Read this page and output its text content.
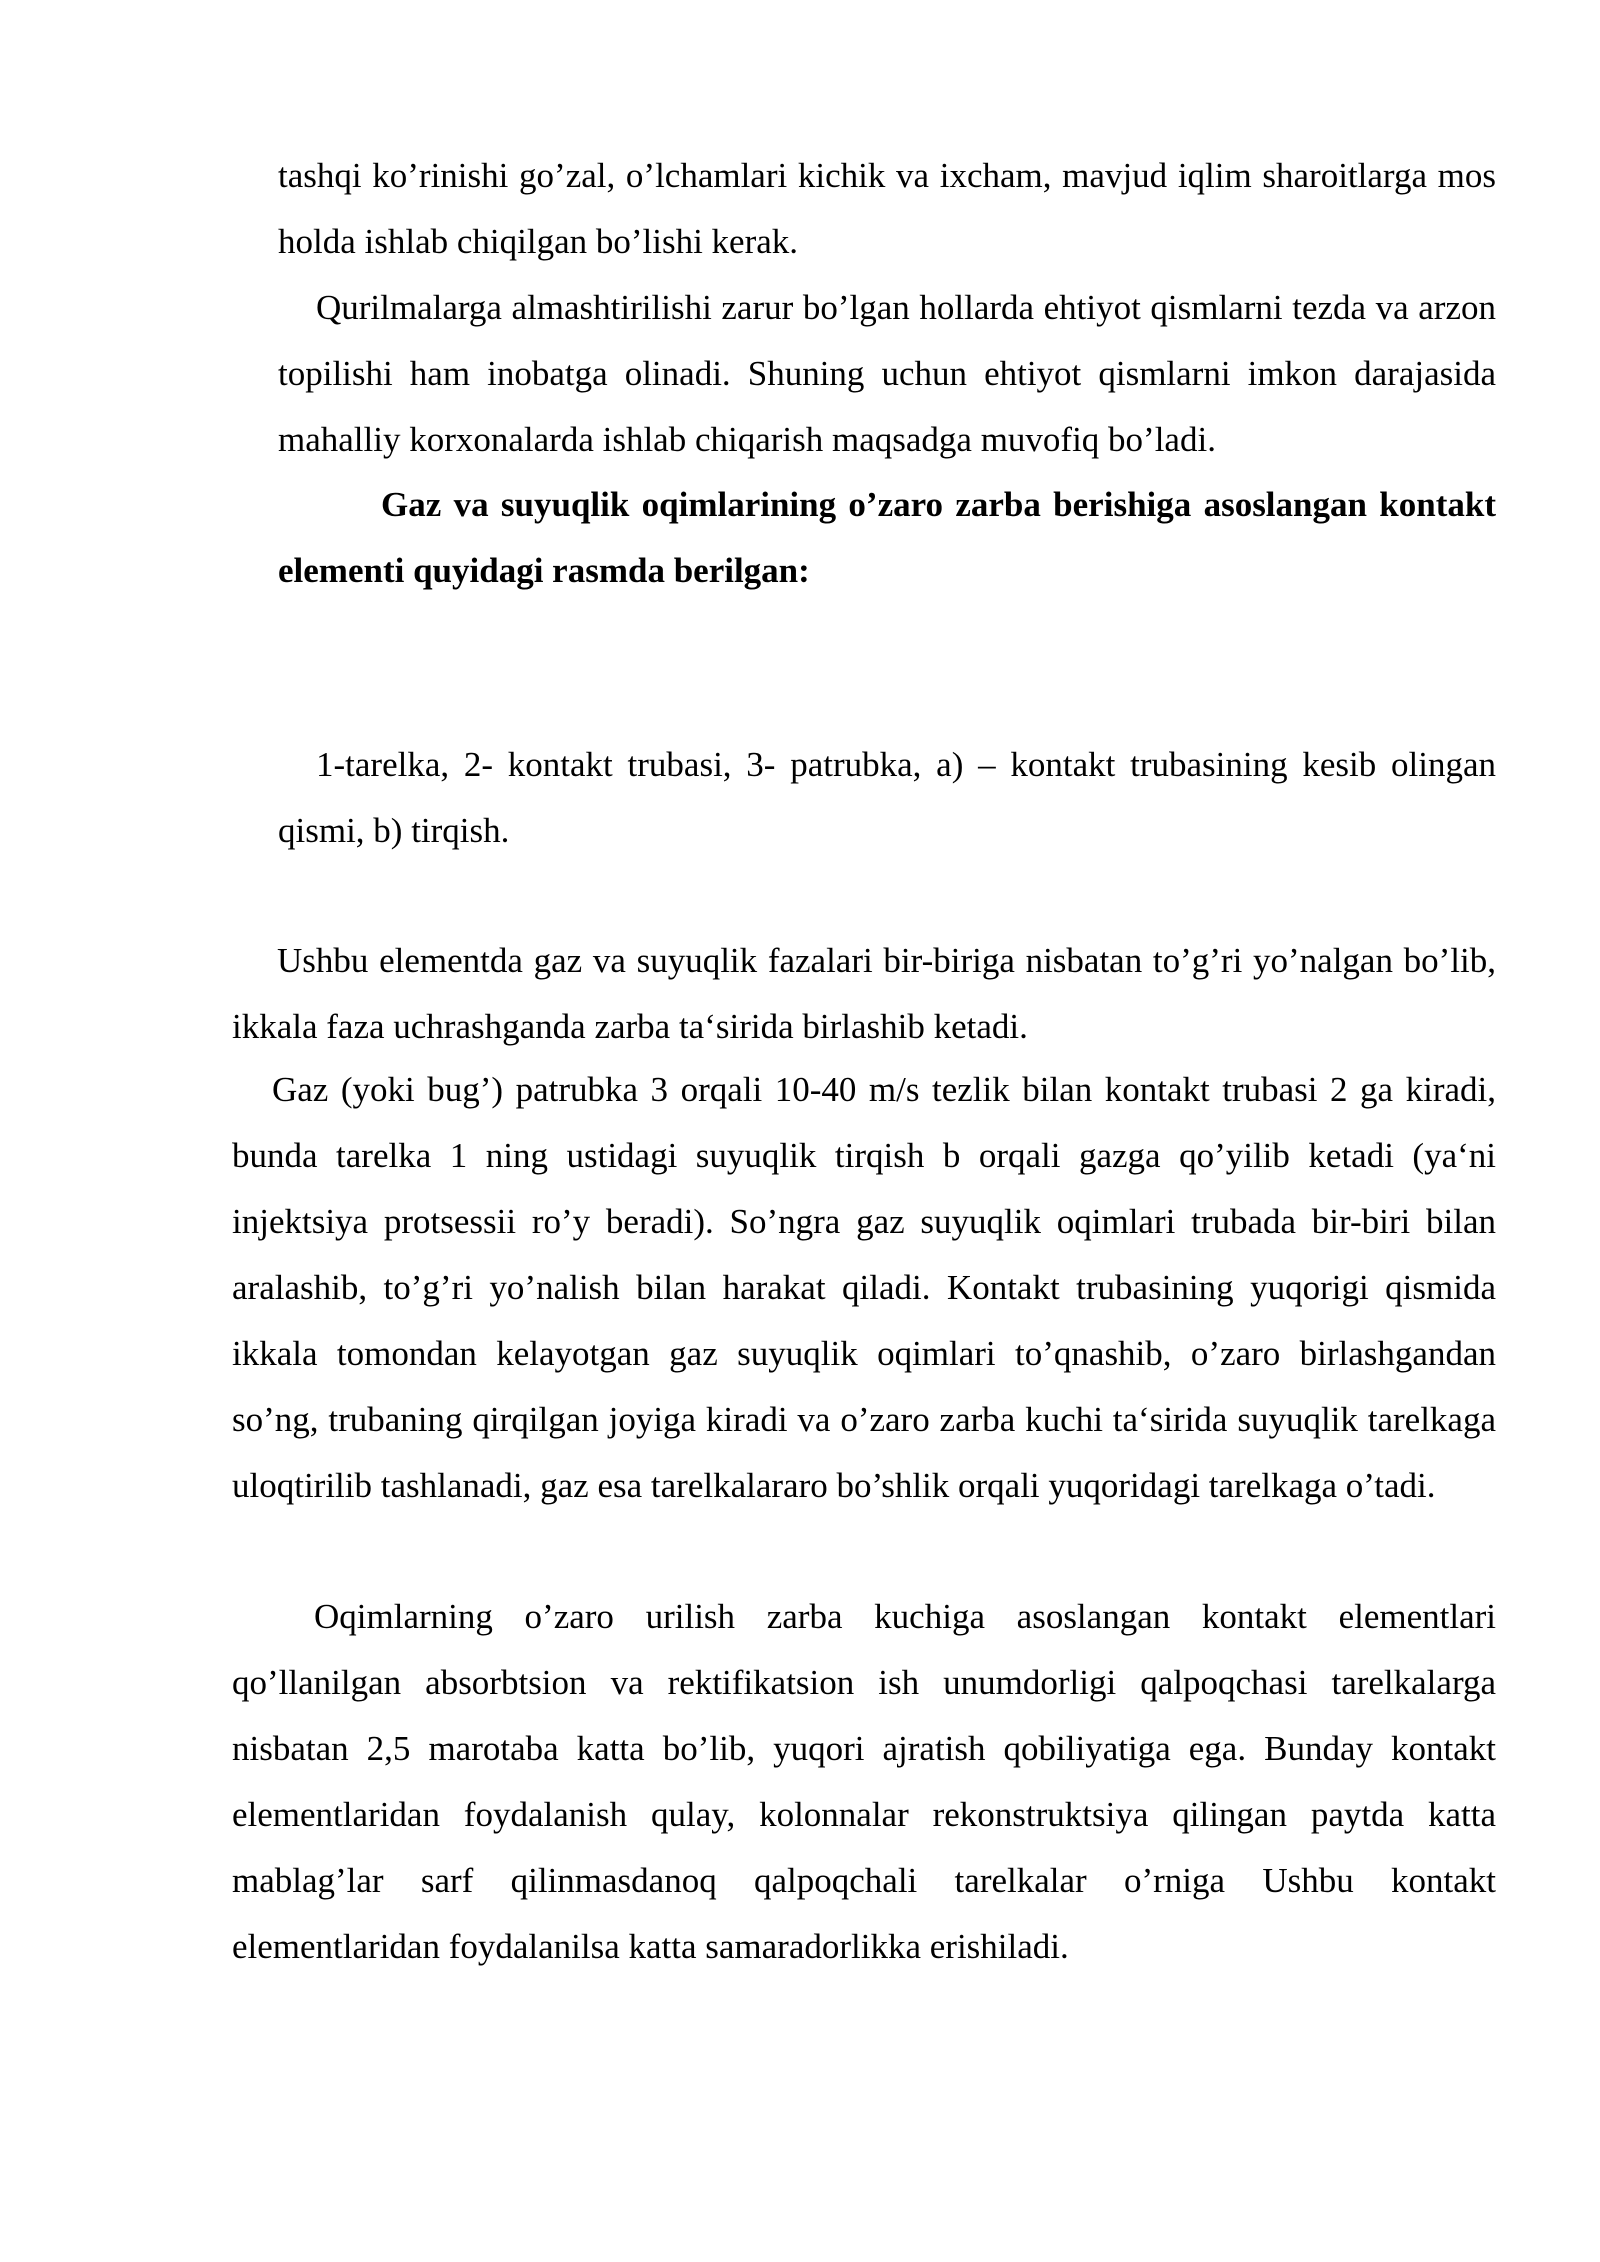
tashqi ko’rinishi go’zal, o’lchamlari kichik va ixcham, mavjud iqlim sharoitlarga mos holda ishlab chiqilgan bo’lishi kerak.

Qurilmalarga almashtirilishi zarur bo’lgan hollarda ehtiyot qismlarni tezda va arzon topilishi ham inobatga olinadi. Shuning uchun ehtiyot qismlarni imkon darajasida mahalliy korxonalarda ishlab chiqarish maqsadga muvofiq bo’ladi.

Gaz va suyuqlik oqimlarining o’zaro zarba berishiga asoslangan kontakt elementi quyidagi rasmda berilgan:

1-tarelka, 2- kontakt trubasi, 3- patrubka, a) – kontakt trubasining kesib olingan qismi, b) tirqish.

Ushbu elementda gaz va suyuqlik fazalari bir-biriga nisbatan to’g’ri yo’nalgan bo’lib, ikkala faza uchrashganda zarba ta‘sirida birlashib ketadi.

Gaz (yoki bug’) patrubka 3 orqali 10-40 m/s tezlik bilan kontakt trubasi 2 ga kiradi, bunda tarelka 1 ning ustidagi suyuqlik tirqish b orqali gazga qo’yilib ketadi (ya‘ni injektsiya protsessii ro’y beradi). So’ngra gaz suyuqlik oqimlari trubada bir-biri bilan aralashib, to’g’ri yo’nalish bilan harakat qiladi. Kontakt trubasining yuqorigi qismida ikkala tomondan kelayotgan gaz suyuqlik oqimlari to’qnashib, o’zaro birlashgandan so’ng, trubaning qirqilgan joyiga kiradi va o’zaro zarba kuchi ta‘sirida suyuqlik tarelkaga uloqtirilib tashlanadi, gaz esa tarelkalararo bo’shlik orqali yuqoridagi tarelkaga o’tadi.

Oqimlarning o’zaro urilish zarba kuchiga asoslangan kontakt elementlari qo’llanilgan absorbtsion va rektifikatsion ish unumdorligi qalpoqchasi tarelkalarga nisbatan 2,5 marotaba katta bo’lib, yuqori ajratish qobiliyatiga ega. Bunday kontakt elementlaridan foydalanish qulay, kolonnalar rekonstruktsiya qilingan paytda katta mablag’lar sarf qilinmasdanoq qalpoqchali tarelkalar o’rniga Ushbu kontakt elementlaridan foydalanilsa katta samaradorlikka erishiladi.
